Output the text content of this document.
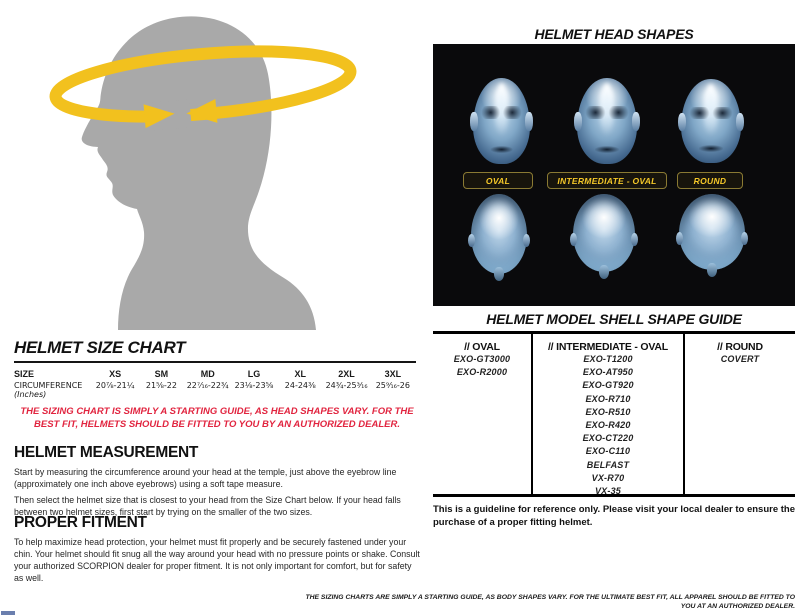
HELMET SIZE CHART
SIZE	XS	SM	MD	LG	XL	2XL	3XL
CIRCUMFERENCE
(Inches)
20⅞-21¼	21⅝-22	22⁷⁄₁₆-22¾ 23⅛-23⅝	24-24⅜	24¾-25³⁄₁₆	25⁹⁄₁₆-26
THE SIZING CHART IS SIMPLY A STARTING GUIDE, AS HEAD SHAPES VARY. FOR THE BEST FIT, HELMETS SHOULD BE FITTED TO YOU BY AN AUTHORIZED DEALER.
HELMET MEASUREMENT

Start by measuring the circumference around your head at the temple, just above the eyebrow line (approximately one inch above eyebrows) using a soft tape measure.

Then select the helmet size that is closest to your head from the Size Chart below. If your head falls between two helmet sizes, first start by trying on the smaller of the two sizes.

PROPER FITMENT

To help maximize head protection, your helmet must fit properly and be securely fastened under your chin. Your helmet should fit snug all the way around your head with no pressure points or shake. Consult your authorized SCORPION dealer for proper fitment. It is not only important for comfort, but for safety as well.

HELMET HEAD SHAPES
OVAL	INTERMEDIATE - OVAL	ROUND
HELMET MODEL SHELL SHAPE GUIDE
// OVAL
EXO-GT3000
EXO-R2000
// INTERMEDIATE - OVAL
EXO-T1200
EXO-AT950
EXO-GT920
EXO-R710
EXO-R510
EXO-R420
EXO-CT220
EXO-C110
BELFAST
VX-R70
VX-35
// ROUND
COVERT
This is a guideline for reference only. Please visit your local dealer to ensure the purchase of a proper fitting helmet.
THE SIZING CHARTS ARE SIMPLY A STARTING GUIDE, AS BODY SHAPES VARY. FOR THE ULTIMATE BEST FIT, ALL APPAREL SHOULD BE FITTED TO YOU AT AN AUTHORIZED DEALER.
